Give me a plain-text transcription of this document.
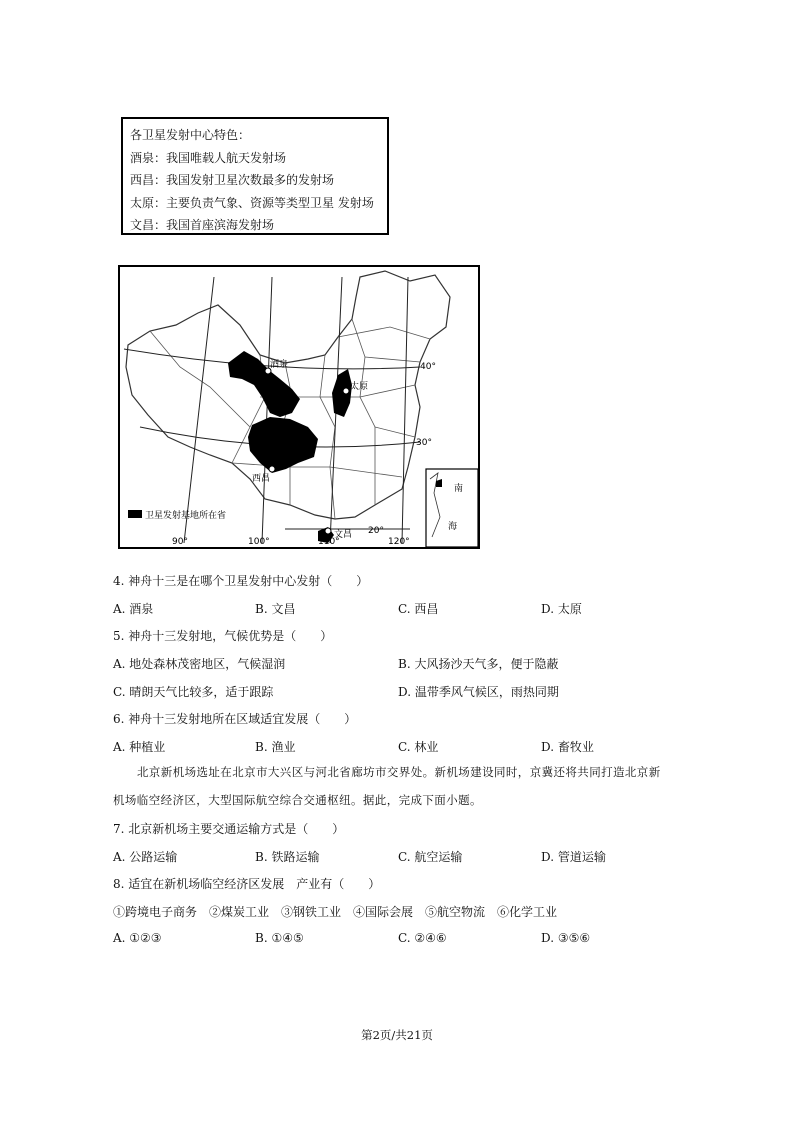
各卫星发射中心特色：
酒泉：我国唯载人航天发射场
西昌：我国发射卫星次数最多的发射场
太原：主要负责气象、资源等类型卫星 发射场
文昌：我国首座滨海发射场
酒泉
太原
西昌
文昌
40°
30°
20°
90°	100°	110°	120°
南
海
卫星发射基地所在省
4. 神舟十三是在哪个卫星发射中心发射（　　）
A. 酒泉	B. 文昌	C. 西昌	D. 太原
5. 神舟十三发射地，气候优势是（　　）
A. 地处森林茂密地区，气候湿润	B. 大风扬沙天气多，便于隐蔽
C. 晴朗天气比较多，适于跟踪	D. 温带季风气候区，雨热同期
6. 神舟十三发射地所在区域适宜发展（　　）
A. 种植业	B. 渔业	C. 林业	D. 畜牧业
北京新机场选址在北京市大兴区与河北省廊坊市交界处。新机场建设同时，京冀还将共同打造北京新
机场临空经济区，大型国际航空综合交通枢纽。据此，完成下面小题。
7. 北京新机场主要交通运输方式是（　　）
A. 公路运输	B. 铁路运输	C. 航空运输	D. 管道运输
8. 适宜在新机场临空经济区发展　产业有（　　）
①跨境电子商务　②煤炭工业　③钢铁工业　④国际会展　⑤航空物流　⑥化学工业
A. ①②③	B. ①④⑤	C. ②④⑥	D. ③⑤⑥
第2页/共21页
